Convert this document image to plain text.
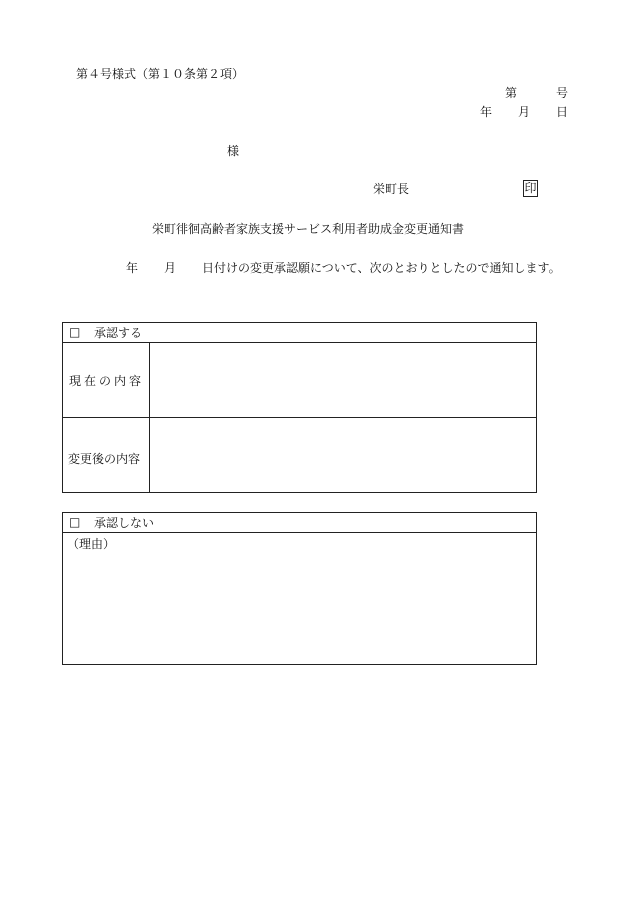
第４号様式（第１０条第２項）
第	号
年 月 日
様
栄町長	印
栄町徘徊高齢者家族支援サービス利用者助成金変更通知書
年 月 日付けの変更承認願について、次のとおりとしたので通知します。
□ 承認する
現在の内容
変更後の内容
□ 承認しない
（理由）
